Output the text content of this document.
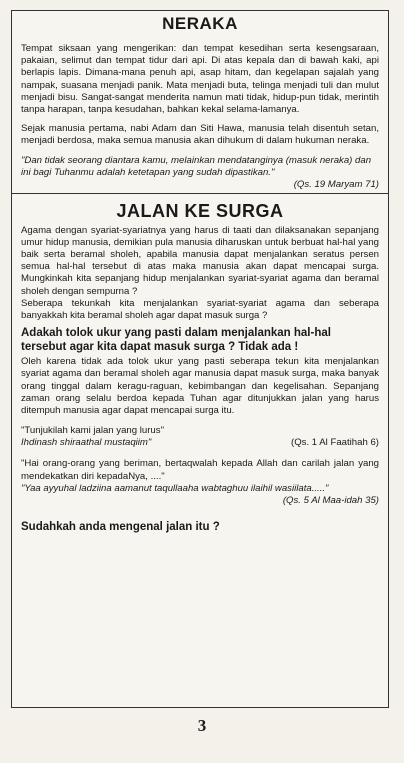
NERAKA

Tempat siksaan yang mengerikan: dan tempat kesedihan serta kesengsaraan, pakaian, selimut dan tempat tidur dari api. Di atas kepala dan di bawah kaki, api berlapis lapis. Dimana-mana penuh api, asap hitam, dan kegelapan sajalah yang nampak, suasana menjadi panik. Mata menjadi buta, telinga menjadi tuli dan mulut menjadi bisu. Sangat-sangat menderita namun mati tidak, hidup-pun tidak, merintih tanpa harapan, tanpa kesudahan, bahkan kekal selama-lamanya.

Sejak manusia pertama, nabi Adam dan Siti Hawa, manusia telah disentuh setan, menjadi berdosa, maka semua manusia akan dihukum di dalam hukuman neraka.

"Dan tidak seorang diantara kamu, melainkan mendatanginya (masuk neraka) dan ini bagi Tuhanmu adalah ketetapan yang sudah dipastikan."

(Qs. 19 Maryam 71)
JALAN KE SURGA

Agama dengan syariat-syariatnya yang harus di taati dan dilaksanakan sepanjang umur hidup manusia, demikian pula manusia diharuskan untuk berbuat hal-hal yang baik serta beramal sholeh, apabila manusia dapat menjalankan seratus persen semua hal-hal tersebut di atas maka manusia akan dapat mencapai surga. Mungkinkah kita sepanjang hidup menjalankan syariat-syariat agama dan beramal sholeh dengan sempurna ?

Seberapa tekunkah kita menjalankan syariat-syariat agama dan seberapa banyakkah kita beramal sholeh agar dapat masuk surga ?

Adakah tolok ukur yang pasti dalam menjalankan hal-hal tersebut agar kita dapat masuk surga ? Tidak ada !

Oleh karena tidak ada tolok ukur yang pasti seberapa tekun kita menjalankan syariat agama dan beramal sholeh agar manusia dapat masuk surga, maka banyak orang tinggal dalam keragu-raguan, kebimbangan dan kegelisahan. Sepanjang zaman orang selalu berdoa kepada Tuhan agar ditunjukkan jalan yang harus ditempuh manusia agar dapat mencapai surga itu.

"Tunjukilah kami jalan yang lurus"
Ihdinash shiraathal mustaqiim"	(Qs. 1 Al Faatihah 6)
"Hai orang-orang yang beriman, bertaqwalah kepada Allah dan carilah jalan yang mendekatkan diri kepadaNya, ...."
"Yaa ayyuhal ladziina aamanut taqullaaha wabtaghuu ilaihil wasiilata....."
(Qs. 5 Al Maa-idah 35)

Sudahkah anda mengenal jalan itu ?

3
